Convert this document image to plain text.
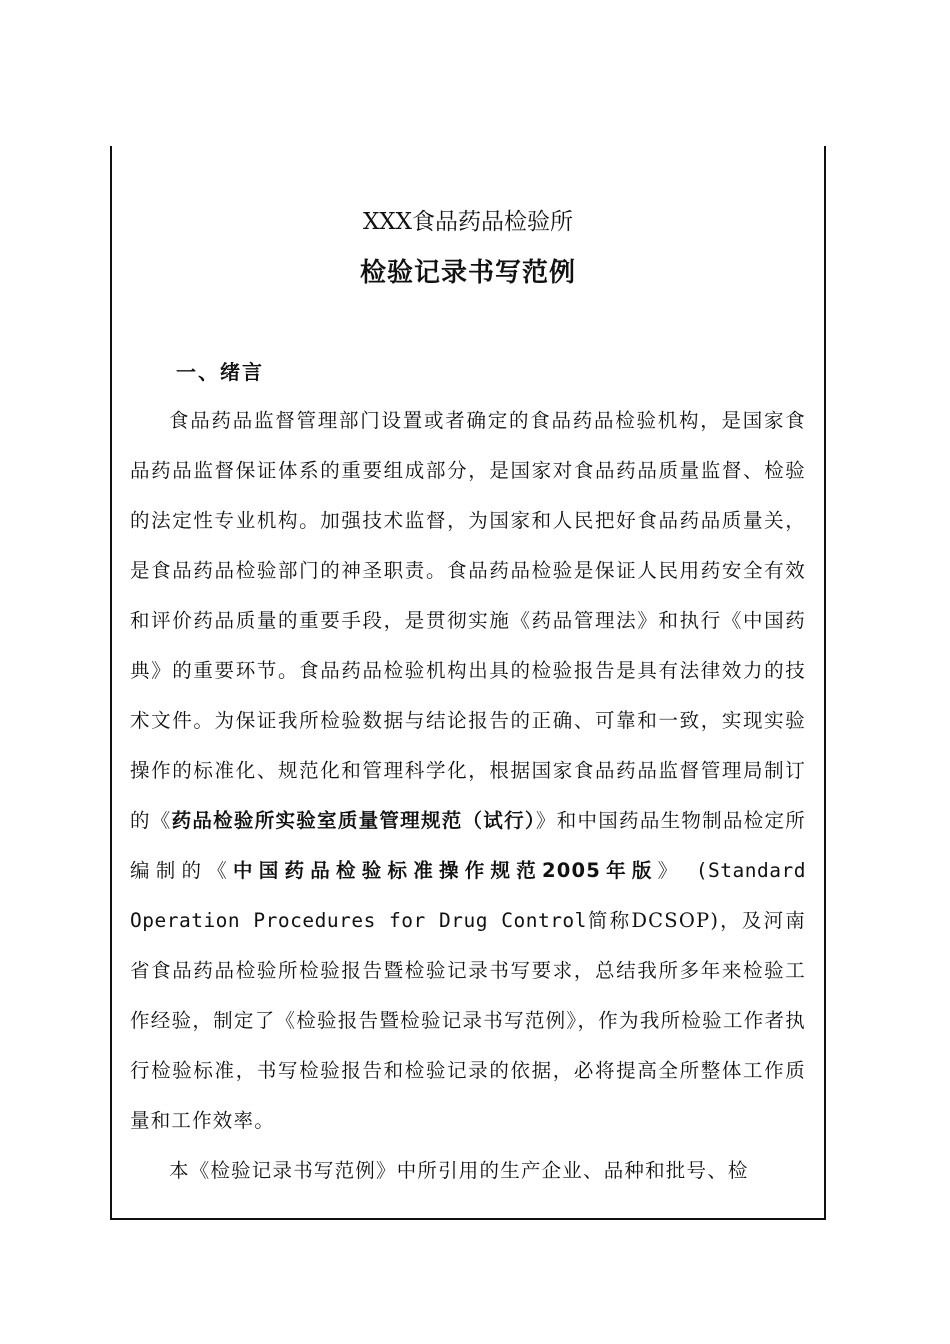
XXX食品药品检验所
检验记录书写范例
一、绪言

食品药品监督管理部门设置或者确定的食品药品检验机构，是国家食品药品监督保证体系的重要组成部分，是国家对食品药品质量监督、检验的法定性专业机构。加强技术监督，为国家和人民把好食品药品质量关，是食品药品检验部门的神圣职责。食品药品检验是保证人民用药安全有效和评价药品质量的重要手段，是贯彻实施《药品管理法》和执行《中国药典》的重要环节。食品药品检验机构出具的检验报告是具有法律效力的技术文件。为保证我所检验数据与结论报告的正确、可靠和一致，实现实验操作的标准化、规范化和管理科学化，根据国家食品药品监督管理局制订的《药品检验所实验室质量管理规范（试行）》和中国药品生物制品检定所编制的《中国药品检验标准操作规范2005年版》 (Standard Operation Procedures for Drug Control简称DCSOP)，及河南省食品药品检验所检验报告暨检验记录书写要求，总结我所多年来检验工作经验，制定了《检验报告暨检验记录书写范例》，作为我所检验工作者执行检验标准，书写检验报告和检验记录的依据，必将提高全所整体工作质量和工作效率。

本《检验记录书写范例》中所引用的生产企业、品种和批号、检
